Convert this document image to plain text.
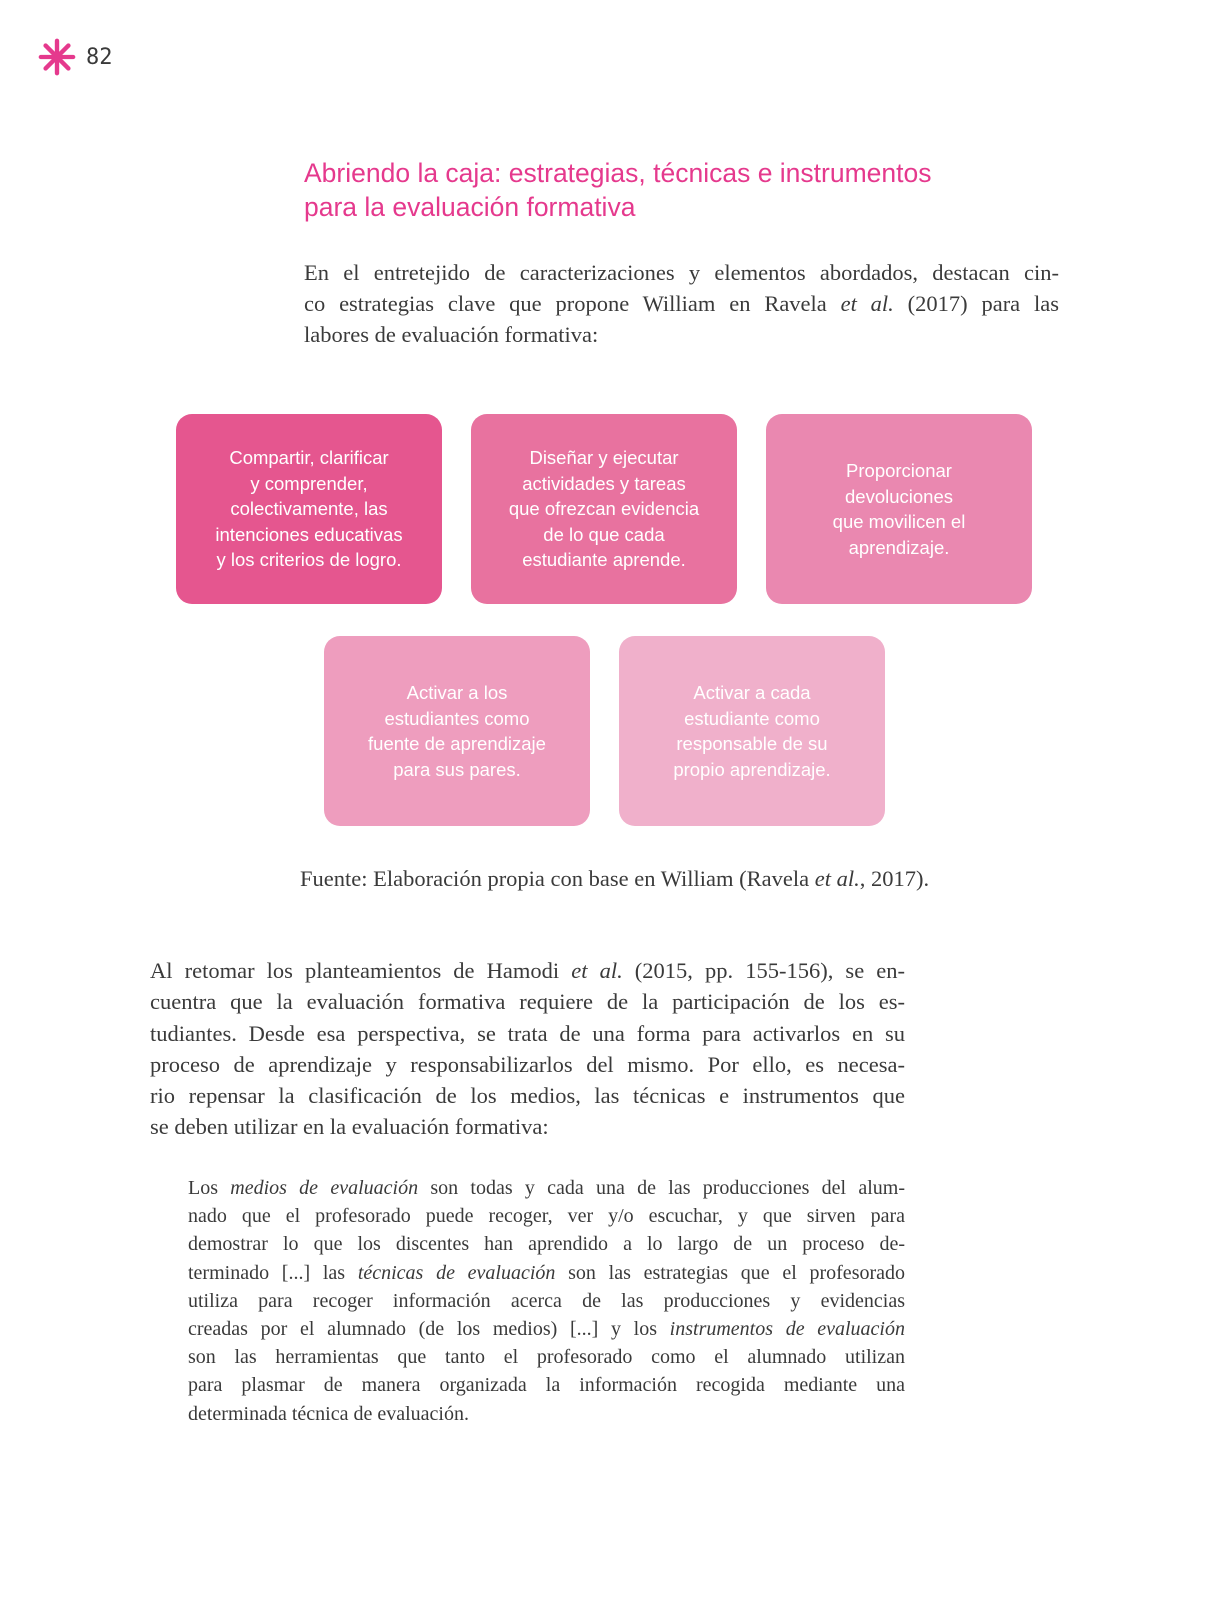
82
Abriendo la caja: estrategias, técnicas e instrumentos
para la evaluación formativa

En el entretejido de caracterizaciones y elementos abordados, destacan cin-
co estrategias clave que propone William en Ravela et al. (2017) para las
labores de evaluación formativa:

Compartir, clarificar
y comprender,
colectivamente, las
intenciones educativas
y los criterios de logro.
Diseñar y ejecutar
actividades y tareas
que ofrezcan evidencia
de lo que cada
estudiante aprende.
Proporcionar
devoluciones
que movilicen el
aprendizaje.
Activar a los
estudiantes como
fuente de aprendizaje
para sus pares.
Activar a cada
estudiante como
responsable de su
propio aprendizaje.

Fuente: Elaboración propia con base en William (Ravela et al., 2017).

Al retomar los planteamientos de Hamodi et al. (2015, pp. 155-156), se en-
cuentra que la evaluación formativa requiere de la participación de los es-
tudiantes. Desde esa perspectiva, se trata de una forma para activarlos en su
proceso de aprendizaje y responsabilizarlos del mismo. Por ello, es necesa-
rio repensar la clasificación de los medios, las técnicas e instrumentos que
se deben utilizar en la evaluación formativa:

Los medios de evaluación son todas y cada una de las producciones del alum-
nado que el profesorado puede recoger, ver y/o escuchar, y que sirven para
demostrar lo que los discentes han aprendido a lo largo de un proceso de-
terminado [...] las técnicas de evaluación son las estrategias que el profesorado
utiliza para recoger información acerca de las producciones y evidencias
creadas por el alumnado (de los medios) [...] y los instrumentos de evaluación
son las herramientas que tanto el profesorado como el alumnado utilizan
para plasmar de manera organizada la información recogida mediante una
determinada técnica de evaluación.
